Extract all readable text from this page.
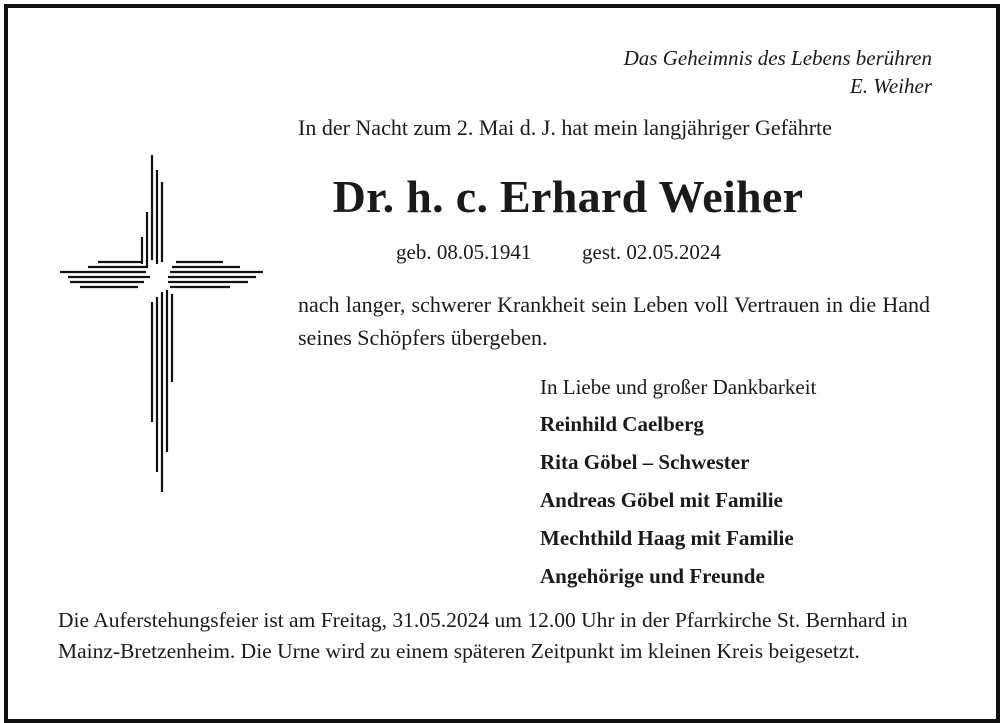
Das Geheimnis des Lebens berühren
E. Weiher
In der Nacht zum 2. Mai d. J. hat mein langjähriger Gefährte
Dr. h. c. Erhard Weiher
geb. 08.05.1941 gest. 02.05.2024
nach langer, schwerer Krankheit sein Leben voll Vertrauen in die Hand seines Schöpfers übergeben.
In Liebe und großer Dankbarkeit
Reinhild Caelberg
Rita Göbel – Schwester
Andreas Göbel mit Familie
Mechthild Haag mit Familie
Angehörige und Freunde
Die Auferstehungsfeier ist am Freitag, 31.05.2024 um 12.00 Uhr in der Pfarrkirche St. Bernhard in Mainz-Bretzenheim. Die Urne wird zu einem späteren Zeitpunkt im kleinen Kreis beigesetzt.
